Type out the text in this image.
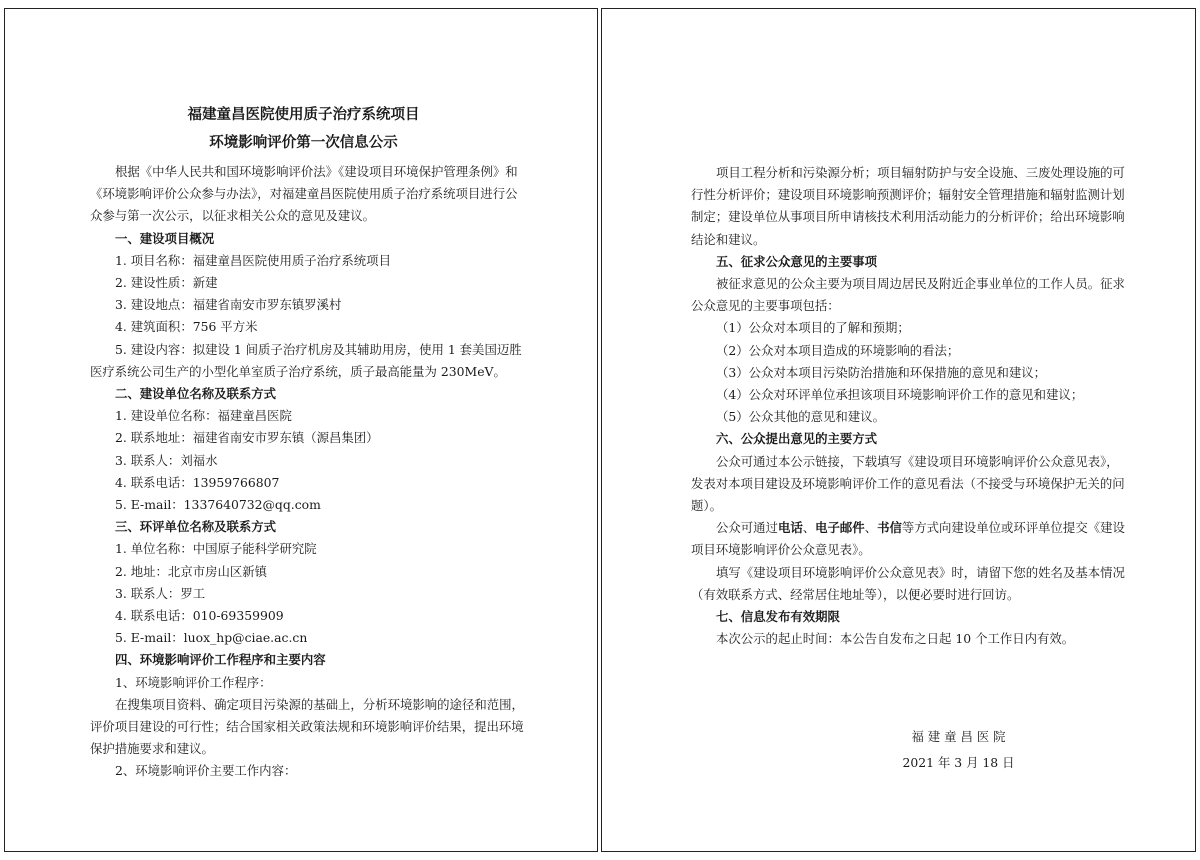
福建童昌医院使用质子治疗系统项目
环境影响评价第一次信息公示
根据《中华人民共和国环境影响评价法》《建设项目环境保护管理条例》和
《环境影响评价公众参与办法》，对福建童昌医院使用质子治疗系统项目进行公
众参与第一次公示，以征求相关公众的意见及建议。
一、建设项目概况
1. 项目名称：福建童昌医院使用质子治疗系统项目
2. 建设性质：新建
3. 建设地点：福建省南安市罗东镇罗溪村
4. 建筑面积：756 平方米
5. 建设内容：拟建设 1 间质子治疗机房及其辅助用房，使用 1 套美国迈胜
医疗系统公司生产的小型化单室质子治疗系统，质子最高能量为 230MeV。
二、建设单位名称及联系方式
1. 建设单位名称：福建童昌医院
2. 联系地址：福建省南安市罗东镇（源昌集团）
3. 联系人：刘福水
4. 联系电话：13959766807
5. E-mail：1337640732@qq.com
三、环评单位名称及联系方式
1. 单位名称：中国原子能科学研究院
2. 地址：北京市房山区新镇
3. 联系人：罗工
4. 联系电话：010-69359909
5. E-mail：luox_hp@ciae.ac.cn
四、环境影响评价工作程序和主要内容
1、环境影响评价工作程序：
在搜集项目资料、确定项目污染源的基础上，分析环境影响的途径和范围，
评价项目建设的可行性；结合国家相关政策法规和环境影响评价结果，提出环境
保护措施要求和建议。
2、环境影响评价主要工作内容：
项目工程分析和污染源分析；项目辐射防护与安全设施、三废处理设施的可
行性分析评价；建设项目环境影响预测评价；辐射安全管理措施和辐射监测计划
制定；建设单位从事项目所申请核技术利用活动能力的分析评价；给出环境影响
结论和建议。
五、征求公众意见的主要事项
被征求意见的公众主要为项目周边居民及附近企事业单位的工作人员。征求
公众意见的主要事项包括：
（1）公众对本项目的了解和预期；
（2）公众对本项目造成的环境影响的看法；
（3）公众对本项目污染防治措施和环保措施的意见和建议；
（4）公众对环评单位承担该项目环境影响评价工作的意见和建议；
（5）公众其他的意见和建议。
六、公众提出意见的主要方式
公众可通过本公示链接，下载填写《建设项目环境影响评价公众意见表》，
发表对本项目建设及环境影响评价工作的意见看法（不接受与环境保护无关的问
题）。
公众可通过电话、电子邮件、书信等方式向建设单位或环评单位提交《建设
项目环境影响评价公众意见表》。
填写《建设项目环境影响评价公众意见表》时，请留下您的姓名及基本情况
（有效联系方式、经常居住地址等），以便必要时进行回访。
七、信息发布有效期限
本次公示的起止时间：本公告自发布之日起 10 个工作日内有效。
福 建 童 昌 医 院
2021 年 3 月 18 日
